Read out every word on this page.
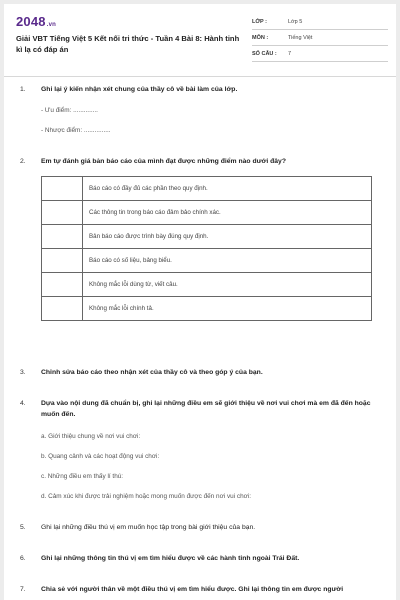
2048.vn
Giải VBT Tiếng Việt 5 Kết nối tri thức - Tuần 4 Bài 8: Hành tinh kì lạ có đáp án
LỚP :	Lớp 5
MÔN :	Tiếng Việt
SỐ CÂU :	7
1.	Ghi lại ý kiến nhận xét chung của thầy cô về bài làm của lớp.
- Ưu điểm: ..............
- Nhược điểm: ...............
2.	Em tự đánh giá bản báo cáo của mình đạt được những điểm nào dưới đây?
	Báo cáo có đầy đủ các phần theo quy định.
	Các thông tin trong báo cáo đảm bảo chính xác.
	Bản báo cáo được trình bày đúng quy định.
	Báo cáo có số liệu, bảng biểu.
	Không mắc lỗi dùng từ, viết câu.
	Không mắc lỗi chính tả.
3.	Chỉnh sửa báo cáo theo nhận xét của thầy cô và theo góp ý của bạn.
4.	Dựa vào nội dung đã chuẩn bị, ghi lại những điều em sẽ giới thiệu về nơi vui chơi mà em đã đến hoặc muốn đến.
a. Giới thiệu chung về nơi vui chơi:
b. Quang cảnh và các hoạt động vui chơi:
c. Những điều em thấy lí thú:
d. Cảm xúc khi được trải nghiệm hoặc mong muốn được đến nơi vui chơi:
5.	Ghi lại những điều thú vị em muốn học tập trong bài giới thiệu của bạn.
6.	Ghi lại những thông tin thú vị em tìm hiểu được về các hành tinh ngoài Trái Đất.
7.	Chia sẻ với người thân về một điều thú vị em tìm hiểu được. Ghi lại thông tin em được người
